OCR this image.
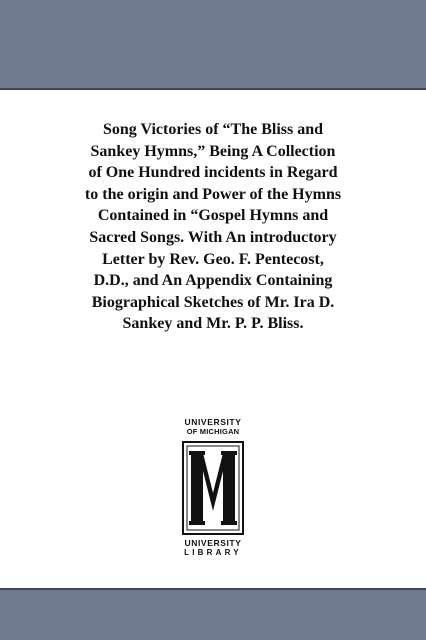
Song Victories of “The Bliss and
Sankey Hymns,” Being A Collection
of One Hundred incidents in Regard
to the origin and Power of the Hymns
Contained in “Gospel Hymns and
Sacred Songs. With An introductory
Letter by Rev. Geo. F. Pentecost,
D.D., and An Appendix Containing
Biographical Sketches of Mr. Ira D.
Sankey and Mr. P. P. Bliss.
UNIVERSITY
OF MICHIGAN
UNIVERSITY
LIBRARY
